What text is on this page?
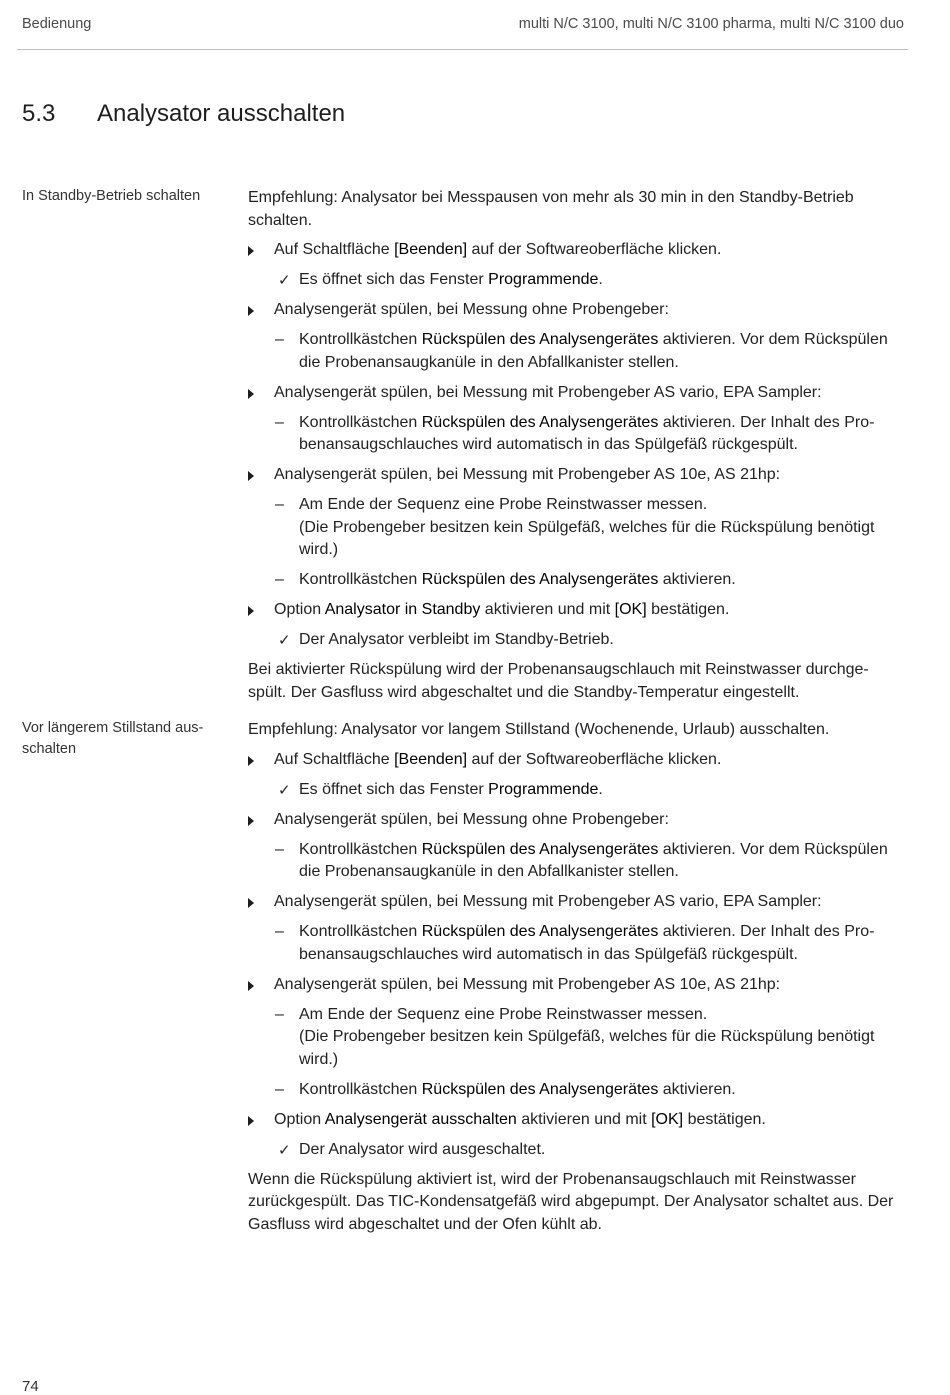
Bedienung	multi N/C 3100, multi N/C 3100 pharma, multi N/C 3100 duo
5.3 Analysator ausschalten
In Standby-Betrieb schalten	Empfehlung: Analysator bei Messpausen von mehr als 30 min in den Standby-Betrieb schalten.
Auf Schaltfläche [Beenden] auf der Softwareoberfläche klicken.
✓ Es öffnet sich das Fenster Programmende.
Analysengerät spülen, bei Messung ohne Probengeber:
– Kontrollkästchen Rückspülen des Analysengerätes aktivieren. Vor dem Rückspülen die Probenansaugkanüle in den Abfallkanister stellen.
Analysengerät spülen, bei Messung mit Probengeber AS vario, EPA Sampler:
– Kontrollkästchen Rückspülen des Analysengerätes aktivieren. Der Inhalt des Probenansaugschlauches wird automatisch in das Spülgefäß rückgespült.
Analysengerät spülen, bei Messung mit Probengeber AS 10e, AS 21hp:
– Am Ende der Sequenz eine Probe Reinstwasser messen.
(Die Probengeber besitzen kein Spülgefäß, welches für die Rückspülung benötigt wird.)
– Kontrollkästchen Rückspülen des Analysengerätes aktivieren.
Option Analysator in Standby aktivieren und mit [OK] bestätigen.
✓ Der Analysator verbleibt im Standby-Betrieb.
Bei aktivierter Rückspülung wird der Probenansaugschlauch mit Reinstwasser durchgespült. Der Gasfluss wird abgeschaltet und die Standby-Temperatur eingestellt.
Vor längerem Stillstand ausschalten
Empfehlung: Analysator vor langem Stillstand (Wochenende, Urlaub) ausschalten.
Auf Schaltfläche [Beenden] auf der Softwareoberfläche klicken.
✓ Es öffnet sich das Fenster Programmende.
Analysengerät spülen, bei Messung ohne Probengeber:
– Kontrollkästchen Rückspülen des Analysengerätes aktivieren. Vor dem Rückspülen die Probenansaugkanüle in den Abfallkanister stellen.
Analysengerät spülen, bei Messung mit Probengeber AS vario, EPA Sampler:
– Kontrollkästchen Rückspülen des Analysengerätes aktivieren. Der Inhalt des Probenansaugschlauches wird automatisch in das Spülgefäß rückgespült.
Analysengerät spülen, bei Messung mit Probengeber AS 10e, AS 21hp:
– Am Ende der Sequenz eine Probe Reinstwasser messen.
(Die Probengeber besitzen kein Spülgefäß, welches für die Rückspülung benötigt wird.)
– Kontrollkästchen Rückspülen des Analysengerätes aktivieren.
Option Analysengerät ausschalten aktivieren und mit [OK] bestätigen.
✓ Der Analysator wird ausgeschaltet.
Wenn die Rückspülung aktiviert ist, wird der Probenansaugschlauch mit Reinstwasser zurückgespült. Das TIC-Kondensatgefäß wird abgepumpt. Der Analysator schaltet aus. Der Gasfluss wird abgeschaltet und der Ofen kühlt ab.
74
